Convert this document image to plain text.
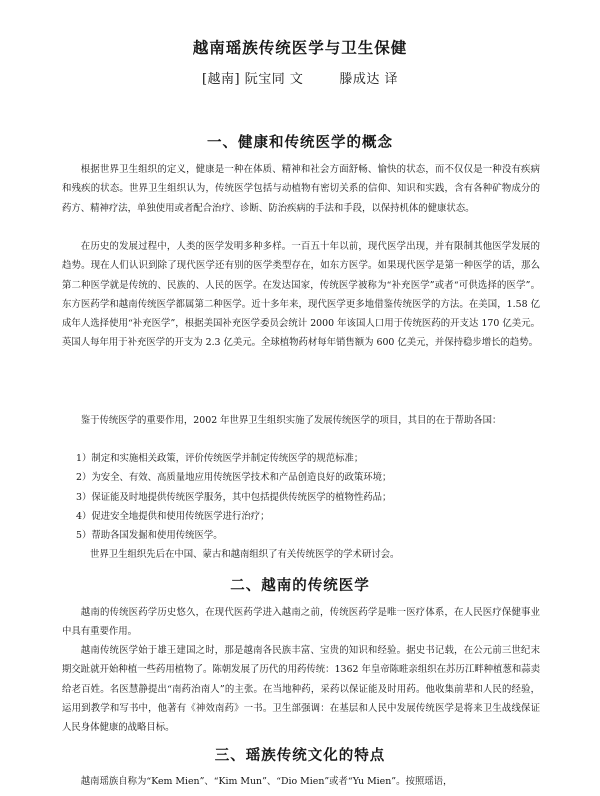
越南瑶族传统医学与卫生保健
[越南] 阮宝同 文	滕成达 译
一、健康和传统医学的概念

根据世界卫生组织的定义，健康是一种在体质、精神和社会方面舒畅、愉快的状态，而不仅仅是一种没有疾病和残疾的状态。世界卫生组织认为，传统医学包括与动植物有密切关系的信仰、知识和实践，含有各种矿物成分的药方、精神疗法，单独使用或者配合治疗、诊断、防治疾病的手法和手段，以保持机体的健康状态。

在历史的发展过程中，人类的医学发明多种多样。一百五十年以前，现代医学出现，并有限制其他医学发展的趋势。现在人们认识到除了现代医学还有别的医学类型存在，如东方医学。如果现代医学是第一种医学的话，那么第二种医学就是传统的、民族的、人民的医学。在发达国家，传统医学被称为“补充医学”或者“可供选择的医学”。东方医药学和越南传统医学都属第二种医学。近十多年来，现代医学更多地借鉴传统医学的方法。在美国，1.58 亿成年人选择使用“补充医学”，根据美国补充医学委员会统计 2000 年该国人口用于传统医药的开支达 170 亿美元。英国人每年用于补充医学的开支为 2.3 亿美元。全球植物药材每年销售额为 600 亿美元，并保持稳步增长的趋势。

鉴于传统医学的重要作用，2002 年世界卫生组织实施了发展传统医学的项目，其目的在于帮助各国：

1）制定和实施相关政策，评价传统医学并制定传统医学的规范标准；

2）为安全、有效、高质量地应用传统医学技术和产品创造良好的政策环境；

3）保证能及时地提供传统医学服务，其中包括提供传统医学的植物性药品；

4）促进安全地提供和使用传统医学进行治疗；

5）帮助各国发掘和使用传统医学。

世界卫生组织先后在中国、蒙古和越南组织了有关传统医学的学术研讨会。

二、越南的传统医学

越南的传统医药学历史悠久，在现代医药学进入越南之前，传统医药学是唯一医疗体系，在人民医疗保健事业中具有重要作用。

越南传统医学始于雄王建国之时，那是越南各民族丰富、宝贵的知识和经验。据史书记载，在公元前三世纪末期交趾就开始种植一些药用植物了。陈朝发展了历代的用药传统：1362 年皇帝陈暀亲组织在苏历江畔种植葱和蒜卖给老百姓。名医慧静提出“南药治南人”的主张。在当地种药，采药以保证能及时用药。他收集前辈和人民的经验，运用到教学和写书中，他著有《神效南药》一书。卫生部强调：在基层和人民中发展传统医学是将来卫生战线保证人民身体健康的战略目标。

三、瑶族传统文化的特点

越南瑶族自称为“Kem Mien”、“Kim Mun”、“Dio Mien”或者“Yu Mien”。按照瑶语，
